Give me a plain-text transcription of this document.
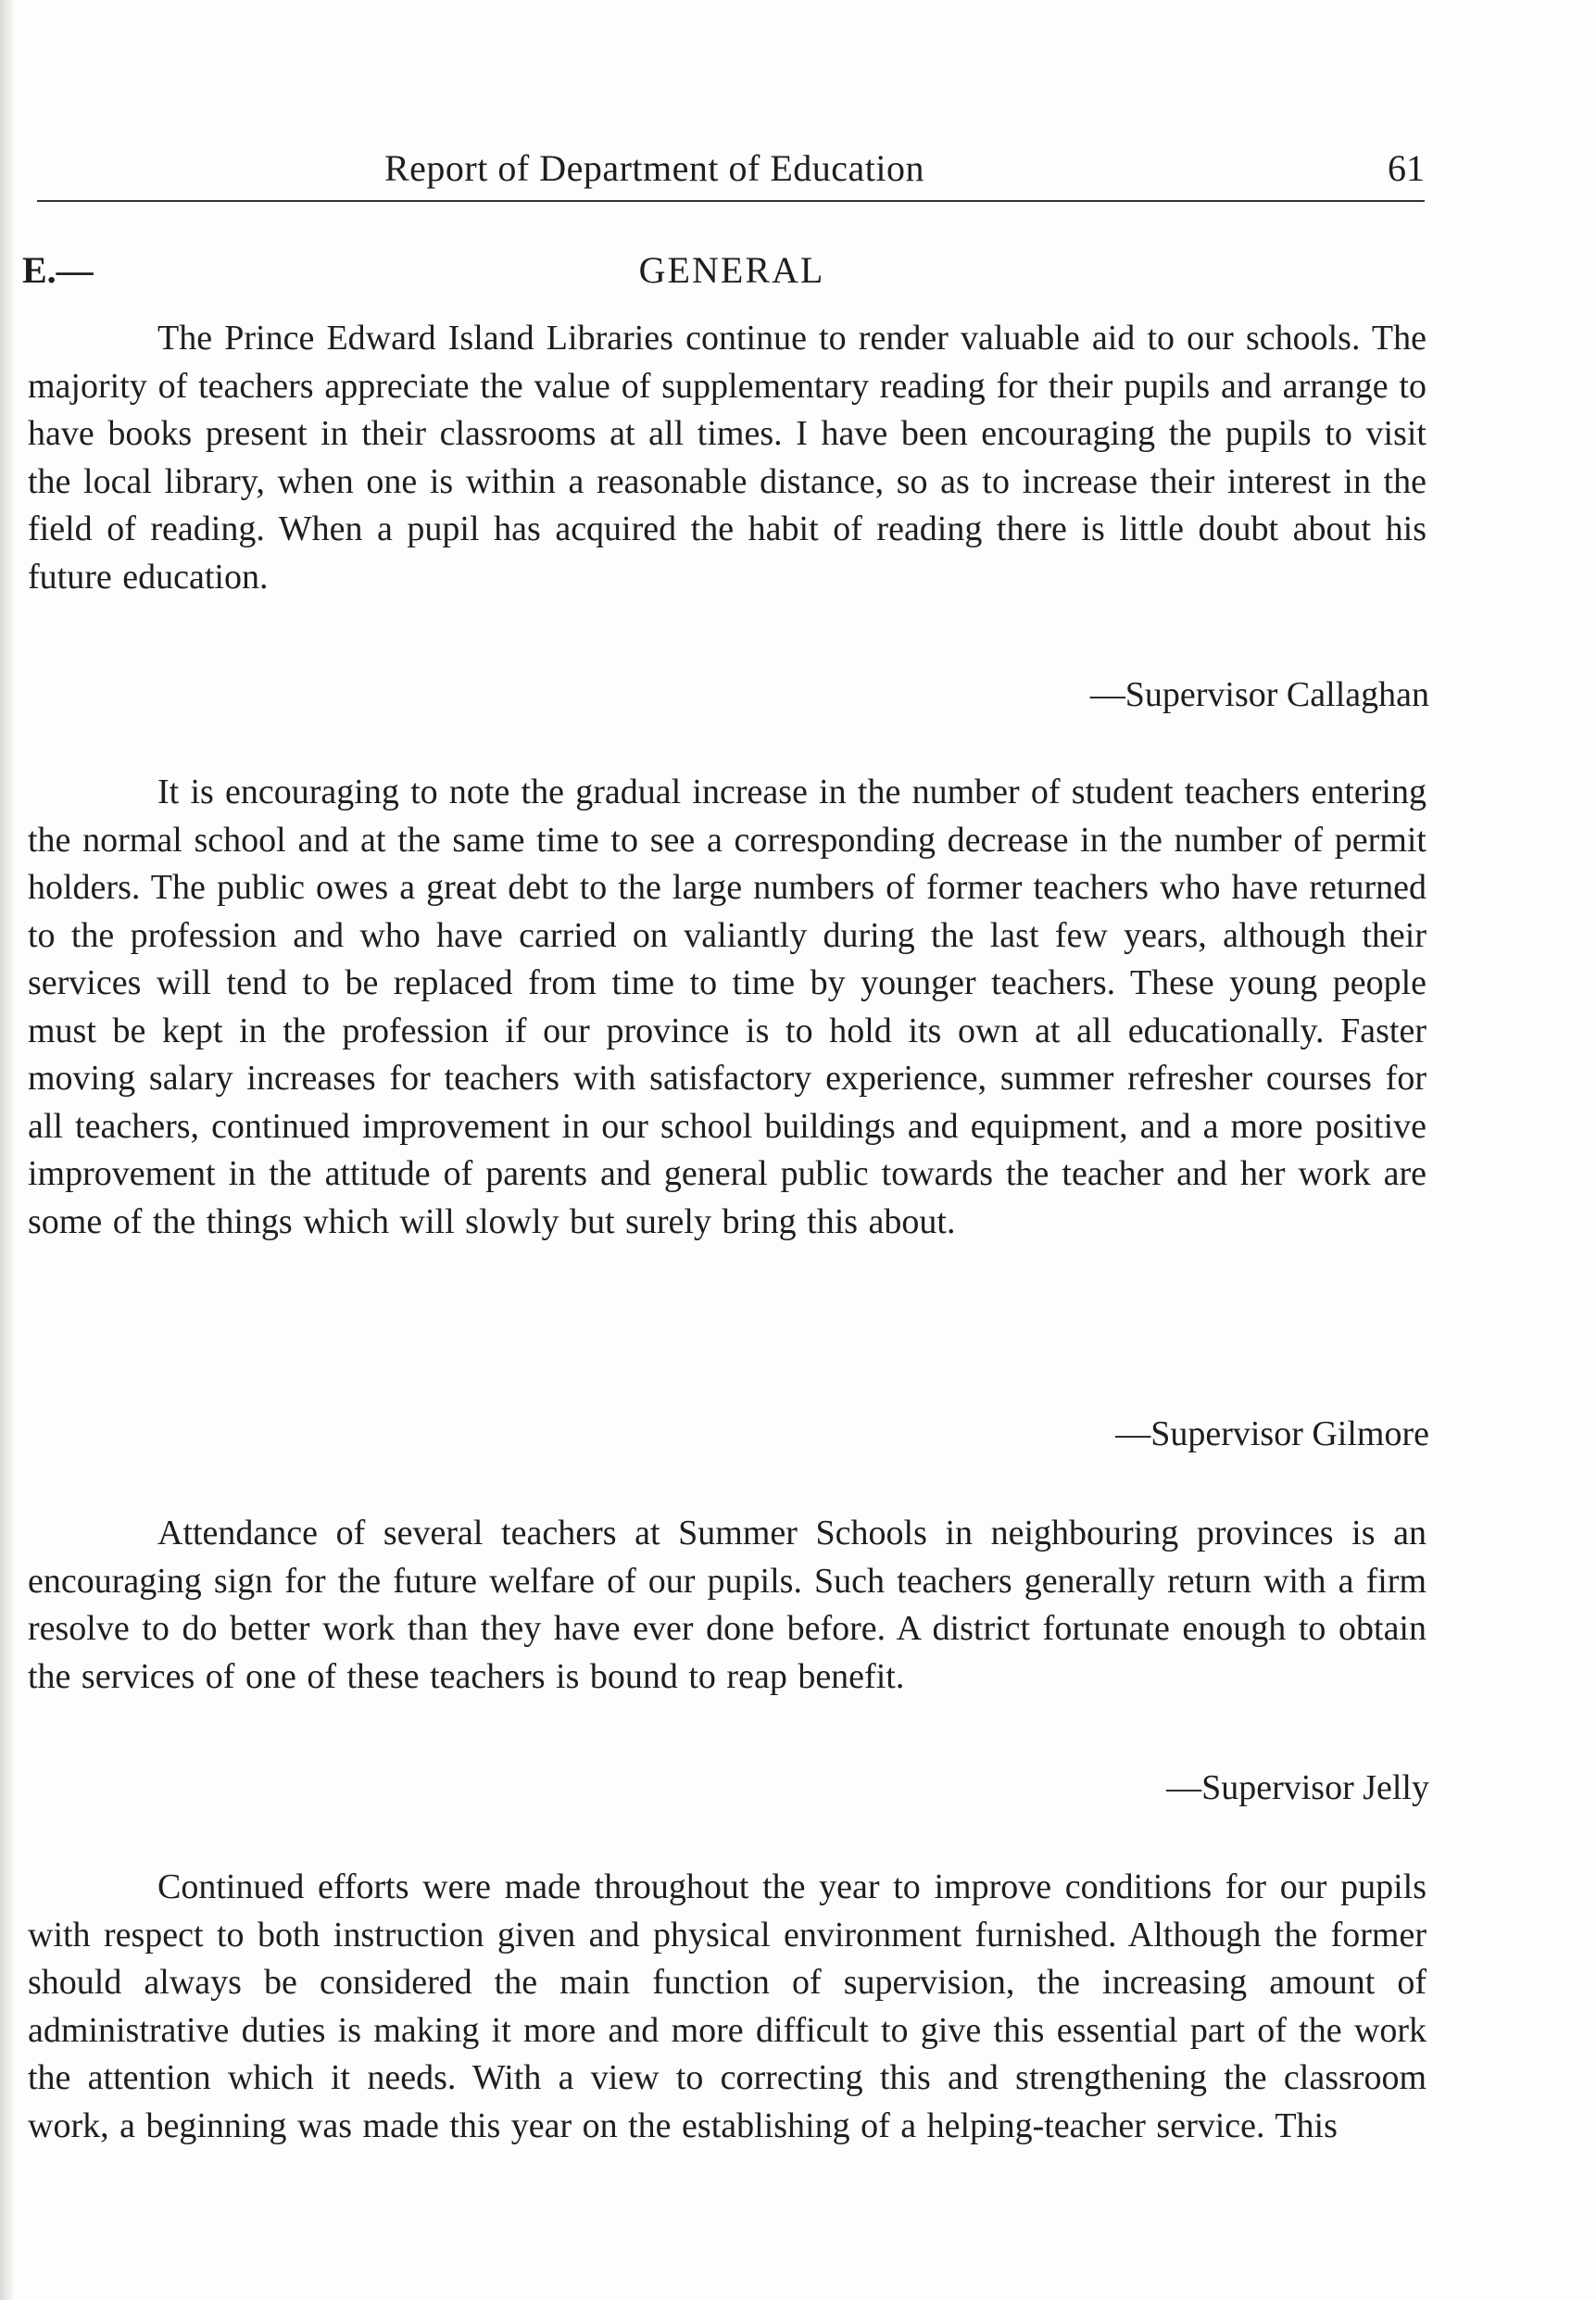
Report of Department of Education	61
E.—	GENERAL

The Prince Edward Island Libraries continue to render valuable aid to our schools. The majority of teachers appreciate the value of supplementary reading for their pupils and arrange to have books present in their classrooms at all times. I have been encouraging the pupils to visit the local library, when one is within a reasonable distance, so as to increase their interest in the field of reading. When a pupil has acquired the habit of reading there is little doubt about his future education.

—Supervisor Callaghan

It is encouraging to note the gradual increase in the number of student teachers entering the normal school and at the same time to see a corresponding decrease in the number of permit holders. The public owes a great debt to the large numbers of former teachers who have returned to the profession and who have carried on valiantly during the last few years, although their services will tend to be replaced from time to time by younger teachers. These young people must be kept in the profession if our province is to hold its own at all educationally. Faster moving salary increases for teachers with satisfactory experience, summer refresher courses for all teachers, continued improvement in our school buildings and equipment, and a more positive improvement in the attitude of parents and general public towards the teacher and her work are some of the things which will slowly but surely bring this about.

—Supervisor Gilmore

Attendance of several teachers at Summer Schools in neighbouring provinces is an encouraging sign for the future welfare of our pupils. Such teachers generally return with a firm resolve to do better work than they have ever done before. A district fortunate enough to obtain the services of one of these teachers is bound to reap benefit.

—Supervisor Jelly

Continued efforts were made throughout the year to improve conditions for our pupils with respect to both instruction given and physical environment furnished. Although the former should always be considered the main function of supervision, the increasing amount of administrative duties is making it more and more difficult to give this essential part of the work the attention which it needs. With a view to correcting this and strengthening the classroom work, a beginning was made this year on the establishing of a helping-teacher service. This
